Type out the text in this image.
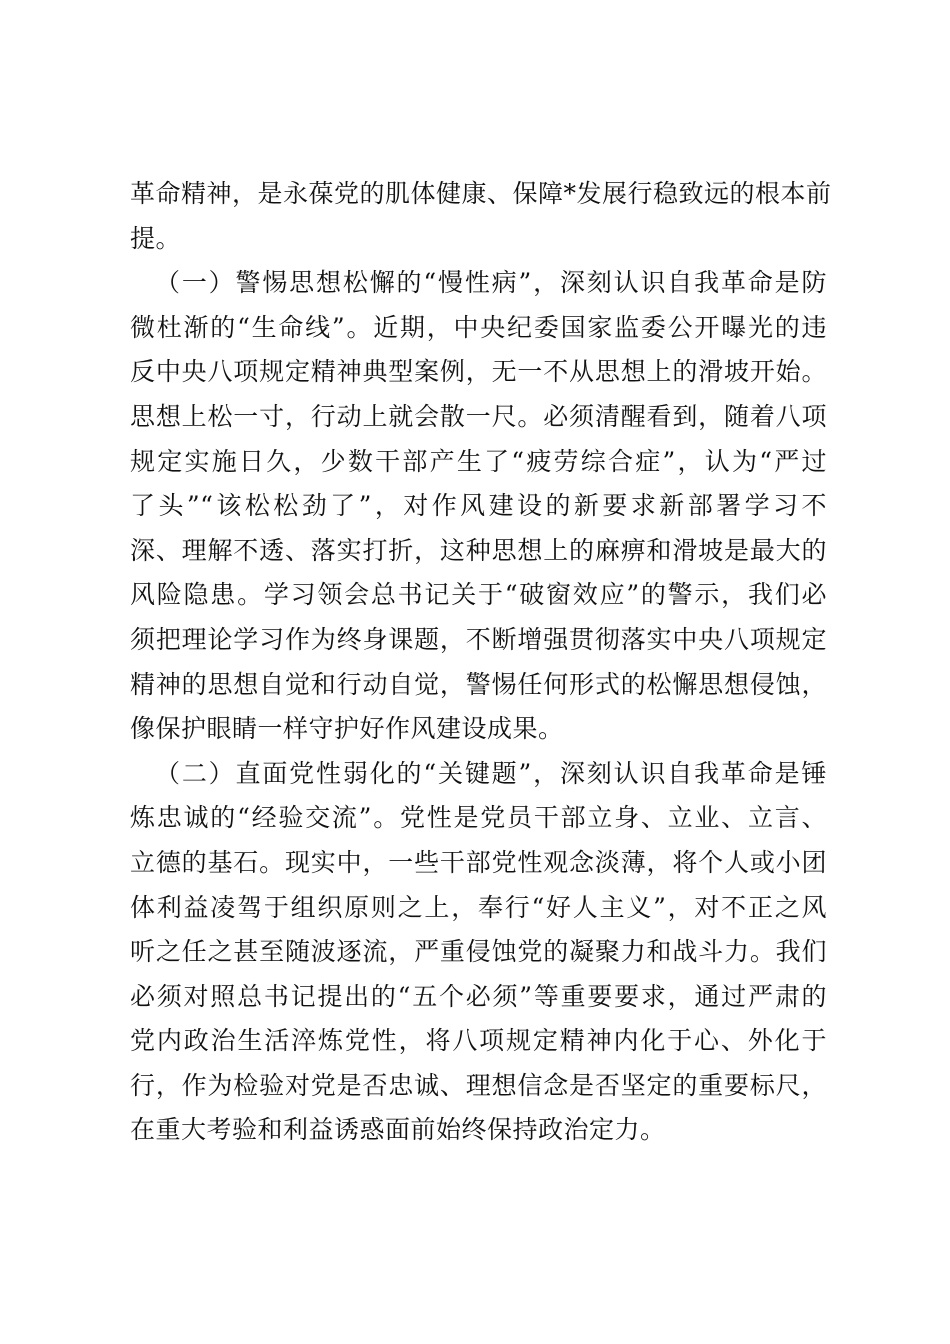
革命精神，是永葆党的肌体健康、保障*发展行稳致远的根本前
提。
（一）警惕思想松懈的“慢性病”，深刻认识自我革命是防
微杜渐的“生命线”。近期，中央纪委国家监委公开曝光的违
反中央八项规定精神典型案例，无一不从思想上的滑坡开始。
思想上松一寸，行动上就会散一尺。必须清醒看到，随着八项
规定实施日久，少数干部产生了“疲劳综合症”，认为“严过
了头”“该松松劲了”，对作风建设的新要求新部署学习不
深、理解不透、落实打折，这种思想上的麻痹和滑坡是最大的
风险隐患。学习领会总书记关于“破窗效应”的警示，我们必
须把理论学习作为终身课题，不断增强贯彻落实中央八项规定
精神的思想自觉和行动自觉，警惕任何形式的松懈思想侵蚀，
像保护眼睛一样守护好作风建设成果。
（二）直面党性弱化的“关键题”，深刻认识自我革命是锤
炼忠诚的“经验交流”。党性是党员干部立身、立业、立言、
立德的基石。现实中，一些干部党性观念淡薄，将个人或小团
体利益凌驾于组织原则之上，奉行“好人主义”，对不正之风
听之任之甚至随波逐流，严重侵蚀党的凝聚力和战斗力。我们
必须对照总书记提出的“五个必须”等重要要求，通过严肃的
党内政治生活淬炼党性，将八项规定精神内化于心、外化于
行，作为检验对党是否忠诚、理想信念是否坚定的重要标尺，
在重大考验和利益诱惑面前始终保持政治定力。
